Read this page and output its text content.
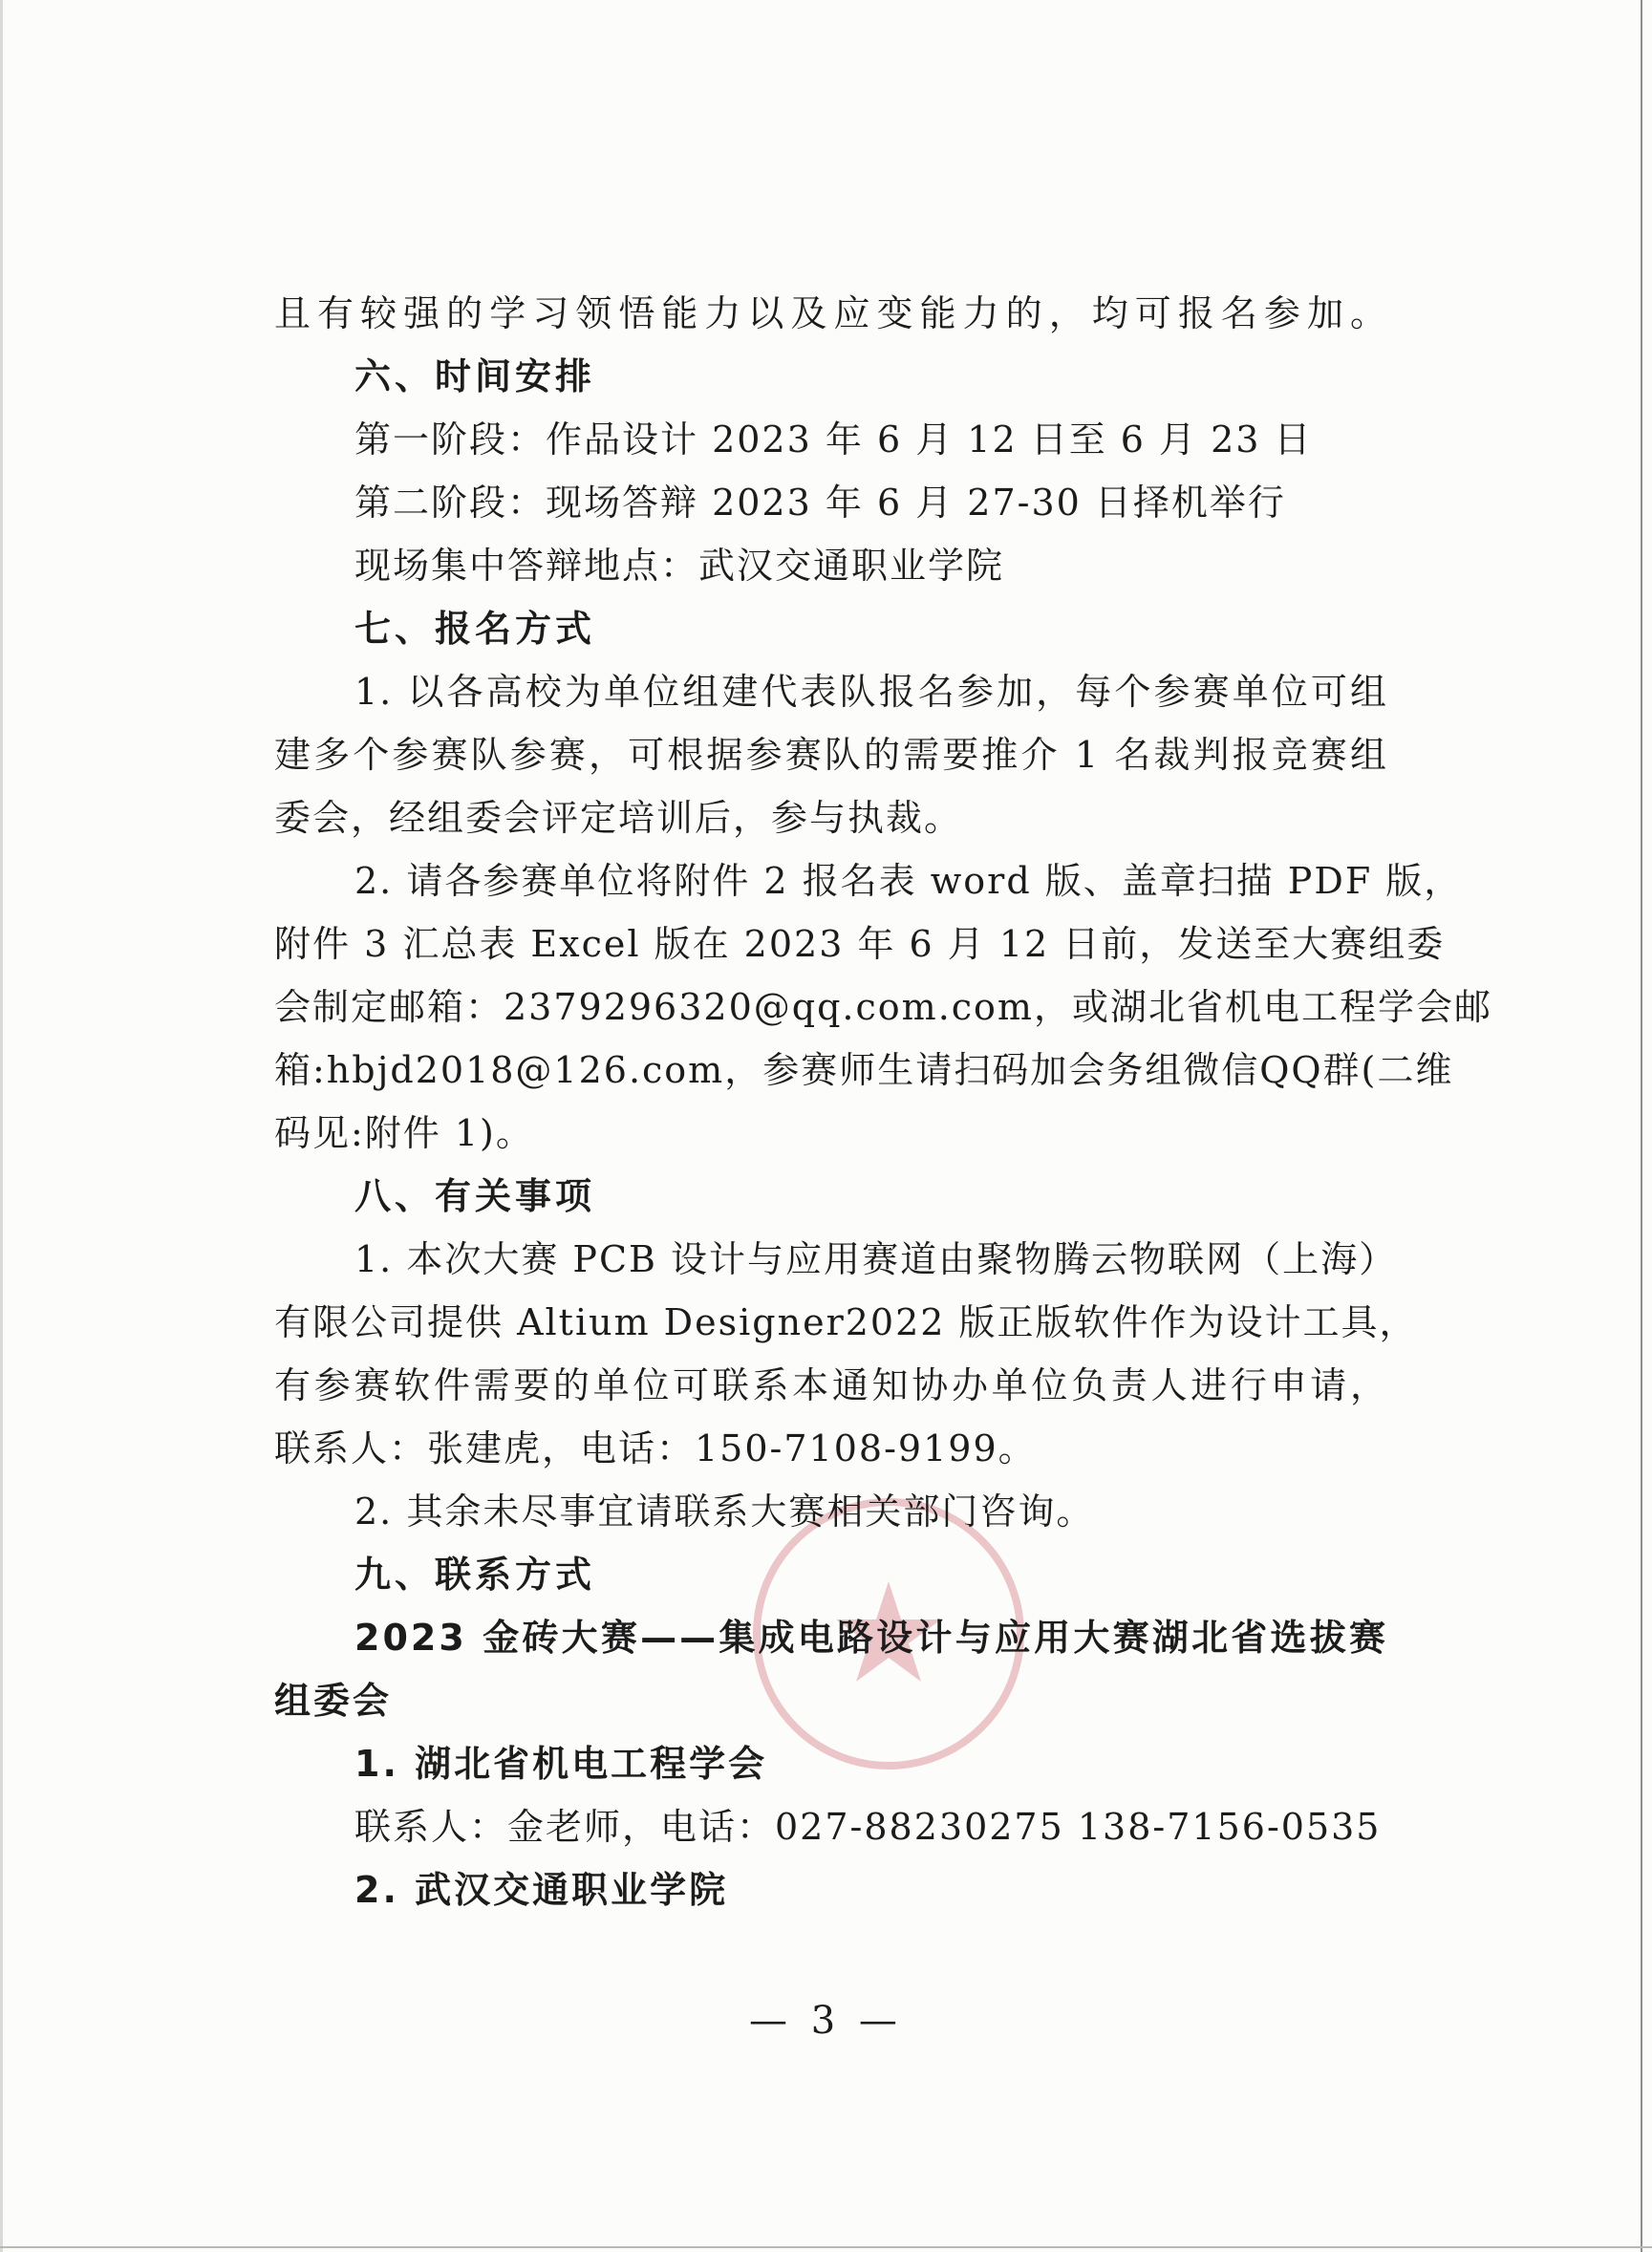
且有较强的学习领悟能力以及应变能力的，均可报名参加。

六、时间安排

第一阶段：作品设计 2023 年 6 月 12 日至 6 月 23 日

第二阶段：现场答辩 2023 年 6 月 27-30 日择机举行

现场集中答辩地点：武汉交通职业学院

七、报名方式

1. 以各高校为单位组建代表队报名参加，每个参赛单位可组

建多个参赛队参赛，可根据参赛队的需要推介 1 名裁判报竞赛组

委会，经组委会评定培训后，参与执裁。

2. 请各参赛单位将附件 2 报名表 word 版、盖章扫描 PDF 版，

附件 3 汇总表 Excel 版在 2023 年 6 月 12 日前，发送至大赛组委

会制定邮箱：2379296320@qq.com.com，或湖北省机电工程学会邮

箱:hbjd2018@126.com，参赛师生请扫码加会务组微信QQ群(二维

码见:附件 1)。

八、有关事项

1. 本次大赛 PCB 设计与应用赛道由聚物腾云物联网（上海）

有限公司提供 Altium Designer2022 版正版软件作为设计工具，

有参赛软件需要的单位可联系本通知协办单位负责人进行申请，

联系人：张建虎，电话：150-7108-9199。

2. 其余未尽事宜请联系大赛相关部门咨询。

九、联系方式

2023 金砖大赛——集成电路设计与应用大赛湖北省选拔赛

组委会

1. 湖北省机电工程学会

联系人：金老师，电话：027-88230275 138-7156-0535

2. 武汉交通职业学院

— 3 —
